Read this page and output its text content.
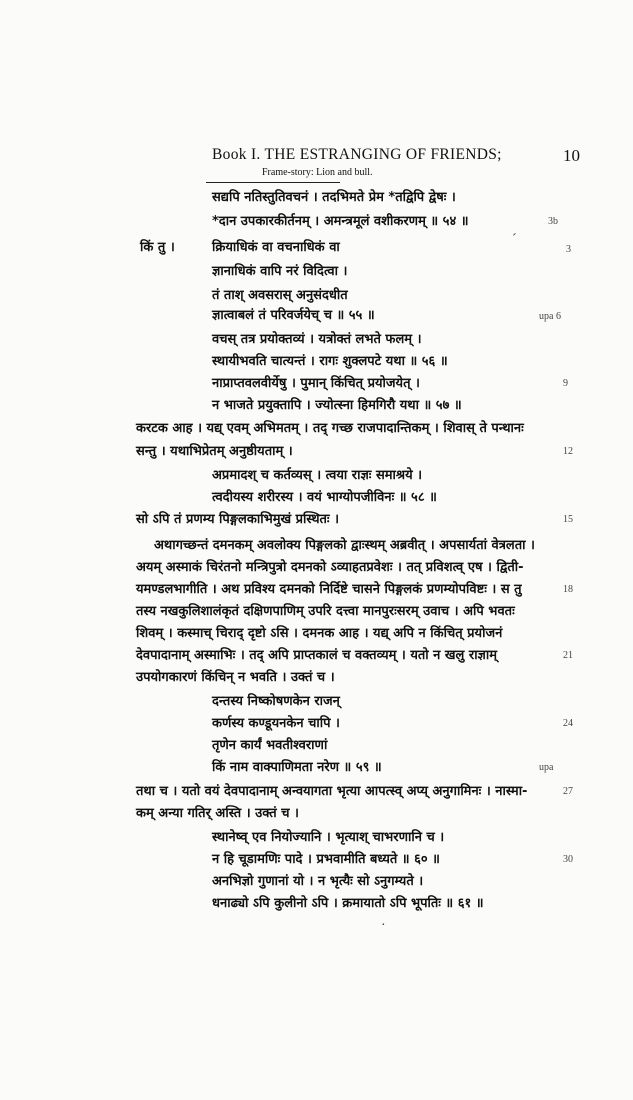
Book I. THE ESTRANGING OF FRIENDS;	10
Frame-story: Lion and bull.
सद्यपि नतिस्तुतिवचनं । तदभिमते प्रेम *तद्विपि द्वेषः ।
*दान उपकारकीर्तनम् । अमन्त्रमूलं वशीकरणम् ॥ ५४ ॥	3b
किं तु ।	क्रियाधिकं वा वचनाधिकं वा	3
´
ज्ञानाधिकं वापि नरं विदित्वा ।
तं ताश् अवसरास् अनुसंदधीत
ज्ञात्वाबलं तं परिवर्जयेच् च ॥ ५५ ॥	upa 6
वचस् तत्र प्रयोक्तव्यं । यत्रोक्तं लभते फलम् ।
स्थायीभवति चात्यन्तं । रागः शुक्लपटे यथा ॥ ५६ ॥
नाप्राप्तवलवीर्येषु । पुमान् किंचित् प्रयोजयेत् ।	9
न भाजते प्रयुक्तापि । ज्योत्स्ना हिमगिरौ यथा ॥ ५७ ॥
करटक आह । यद्य् एवम् अभिमतम् । तद् गच्छ राजपादान्तिकम् । शिवास् ते पन्थानः
सन्तु । यथाभिप्रेतम् अनुष्ठीयताम् ।	12
अप्रमादश् च कर्तव्यस् । त्वया राज्ञः समाश्रये ।
त्वदीयस्य शरीरस्य । वयं भाग्योपजीविनः ॥ ५८ ॥
सो ऽपि तं प्रणम्य पिङ्गलकाभिमुखं प्रस्थितः ।	15
अथागच्छन्तं दमनकम् अवलोक्य पिङ्गलको द्वाःस्थम् अब्रवीत् । अपसार्यतां वेत्रलता ।
अयम् अस्माकं चिरंतनो मन्त्रिपुत्रो दमनको ऽव्याहतप्रवेशः । तत् प्रविशत्व् एष । द्विती-
यमण्डलभागीति । अथ प्रविश्य दमनको निर्दिष्टे चासने पिङ्गलकं प्रणम्योपविष्टः । स तु	18
तस्य नखकुलिशालंकृतं दक्षिणपाणिम् उपरि दत्त्वा मानपुरःसरम् उवाच । अपि भवतः
शिवम् । कस्माच् चिराद् दृष्टो ऽसि । दमनक आह । यद्य् अपि न किंचित् प्रयोजनं
देवपादानाम् अस्माभिः । तद् अपि प्राप्तकालं च वक्तव्यम् । यतो न खलु राज्ञाम्	21
उपयोगकारणं किंचिन् न भवति । उक्तं च ।
दन्तस्य निष्कोषणकेन राजन्
कर्णस्य कण्डूयनकेन चापि ।	24
तृणेन कार्यं भवतीश्वराणां
किं नाम वाक्पाणिमता नरेण ॥ ५९ ॥	upa
तथा च । यतो वयं देवपादानाम् अन्वयागता भृत्या आपत्स्व् अप्य् अनुगामिनः । नास्मा-	27
कम् अन्या गतिर् अस्ति । उक्तं च ।
स्थानेष्व् एव नियोज्यानि । भृत्याश् चाभरणानि च ।
न हि चूडामणिः पादे । प्रभवामीति बध्यते ॥ ६० ॥	30
अनभिज्ञो गुणानां यो । न भृत्यैः सो ऽनुगम्यते ।
धनाढ्यो ऽपि कुलीनो ऽपि । क्रमायातो ऽपि भूपतिः ॥ ६१ ॥
·
